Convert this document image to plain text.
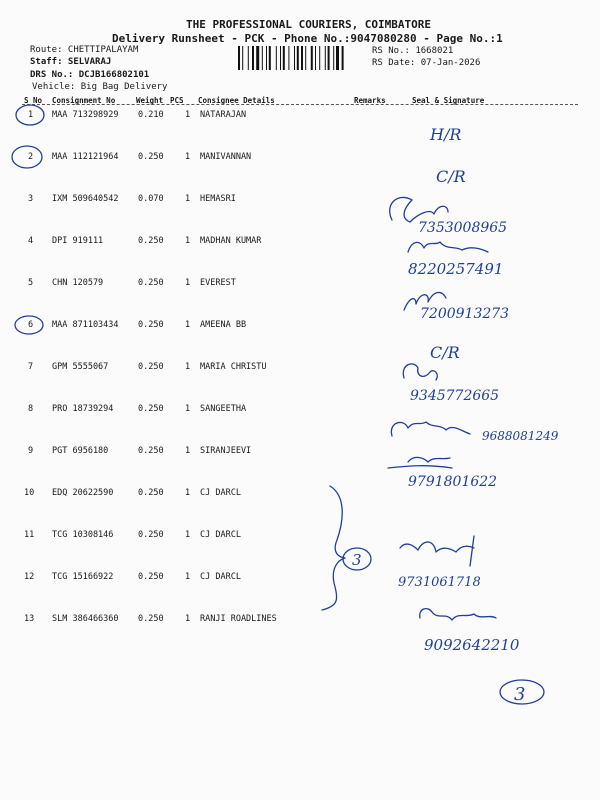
THE PROFESSIONAL COURIERS, COIMBATORE
Delivery Runsheet - PCK - Phone No.:9047080280 - Page No.:1
Route: CHETTIPALAYAM
Staff: SELVARAJ
DRS No.: DCJB166802101
Vehicle: Big Bag Delivery
RS No.: 1668021
RS Date: 07-Jan-2026
S No Consignment No	Weight PCS Consignee Details	Remarks	Seal & Signature
1 MAA 713298929 0.210	1 NATARAJAN
2 MAA 112121964 0.250	1 MANIVANNAN
3 IXM 509640542 0.070	1 HEMASRI
4 DPI 919111	0.250	1 MADHAN KUMAR
5 CHN 120579	0.250	1 EVEREST
6 MAA 871103434 0.250	1 AMEENA BB
7 GPM 5555067	0.250	1 MARIA CHRISTU
8 PRO 18739294	0.250	1 SANGEETHA
9 PGT 6956180	0.250	1 SIRANJEEVI
10 EDQ 20622590	0.250	1 CJ DARCL
11 TCG 10308146	0.250	1 CJ DARCL
12 TCG 15166922	0.250	1 CJ DARCL
13 SLM 386466360 0.250	1 RANJI ROADLINES
3
H/R
C/R
7353008965
8220257491
7200913273
C/R
9345772665
9688081249
9791801622
9731061718
9092642210
3
